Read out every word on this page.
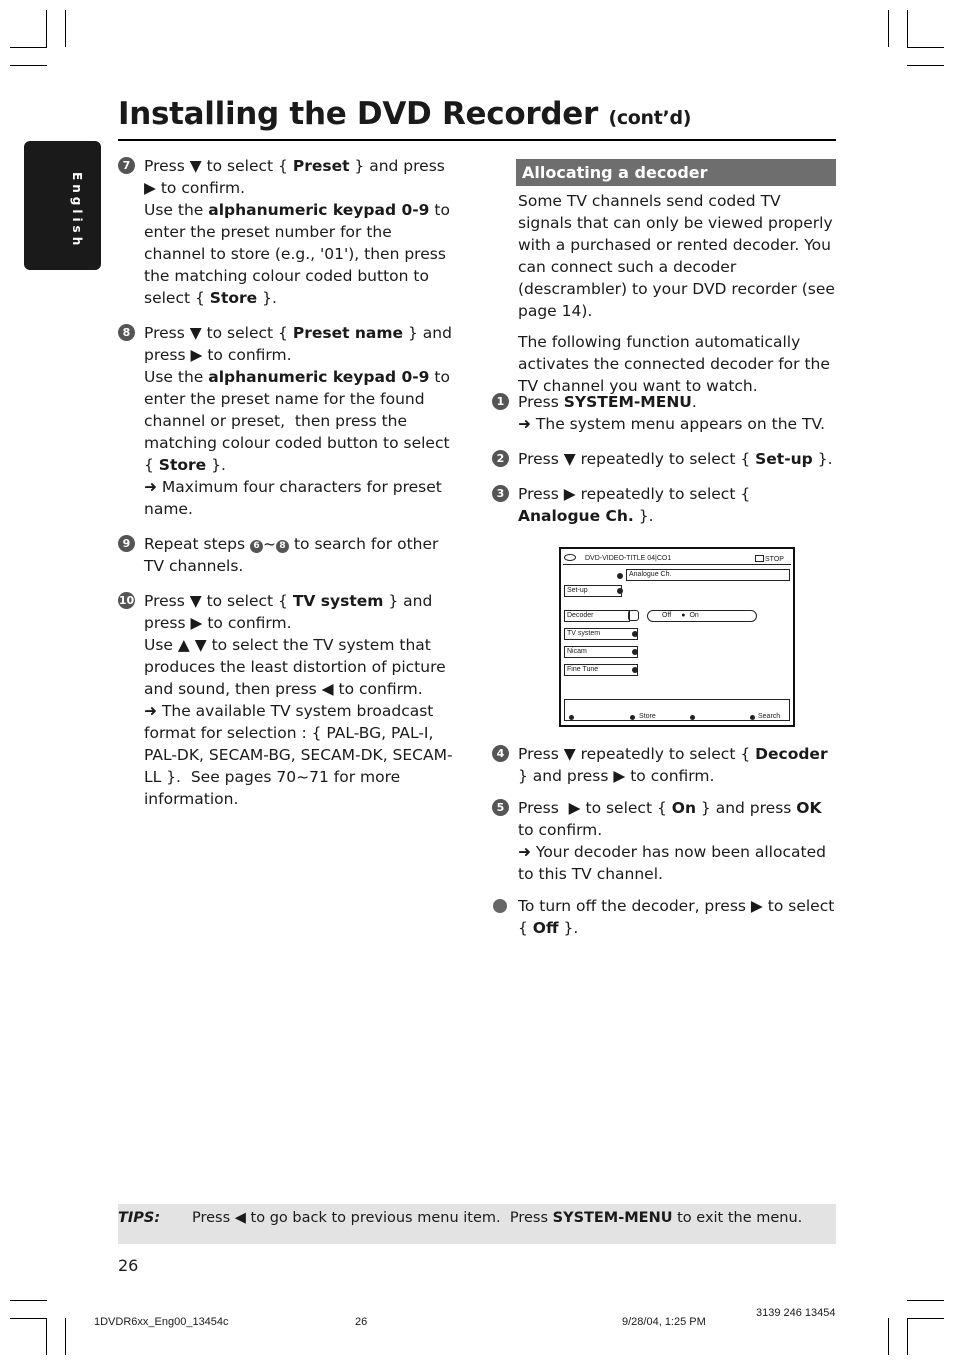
Installing the DVD Recorder (cont’d)
English
7 Press ▼ to select { Preset } and press ▶ to confirm.
Use the alphanumeric keypad 0-9 to enter the preset number for the channel to store (e.g., '01'), then press the matching colour coded button to select { Store }.
8 Press ▼ to select { Preset name } and press ▶ to confirm.
Use the alphanumeric keypad 0-9 to enter the preset name for the found channel or preset,  then press the matching colour coded button to select { Store }.
➜ Maximum four characters for preset name.
9 Repeat steps 6 ~ 8 to search for other TV channels.
10 Press ▼ to select { TV system } and press ▶ to confirm.
Use ▲ ▼ to select the TV system that produces the least distortion of picture and sound, then press ◀ to confirm.
➜ The available TV system broadcast format for selection : { PAL-BG, PAL-I, PAL-DK, SECAM-BG, SECAM-DK, SECAM-LL }.  See pages 70~71 for more information.
Allocating a decoder

Some TV channels send coded TV signals that can only be viewed properly with a purchased or rented decoder. You can connect such a decoder (descrambler) to your DVD recorder (see page 14).

The following function automatically activates the connected decoder for the TV channel you want to watch.

1 Press SYSTEM-MENU.
➜ The system menu appears on the TV.
2 Press ▼ repeatedly to select { Set-up }.
3 Press ▶ repeatedly to select { Analogue Ch. }.
DVD-VIDEO-TITLE 04|CO1	STOP
Analogue Ch.
Set-up
Decoder	Off ● On
TV system
Nicam
Fine Tune
Store	Search
4 Press ▼ repeatedly to select { Decoder } and press ▶ to confirm.
5 Press  ▶ to select { On } and press OK to confirm.
➜ Your decoder has now been allocated to this TV channel.
To turn off the decoder, press ▶ to select { Off }.
TIPS: Press ◀ to go back to previous menu item.  Press SYSTEM-MENU to exit the menu.
26
1DVDR6xx_Eng00_13454c	26	9/28/04, 1:25 PM
3139 246 13454
